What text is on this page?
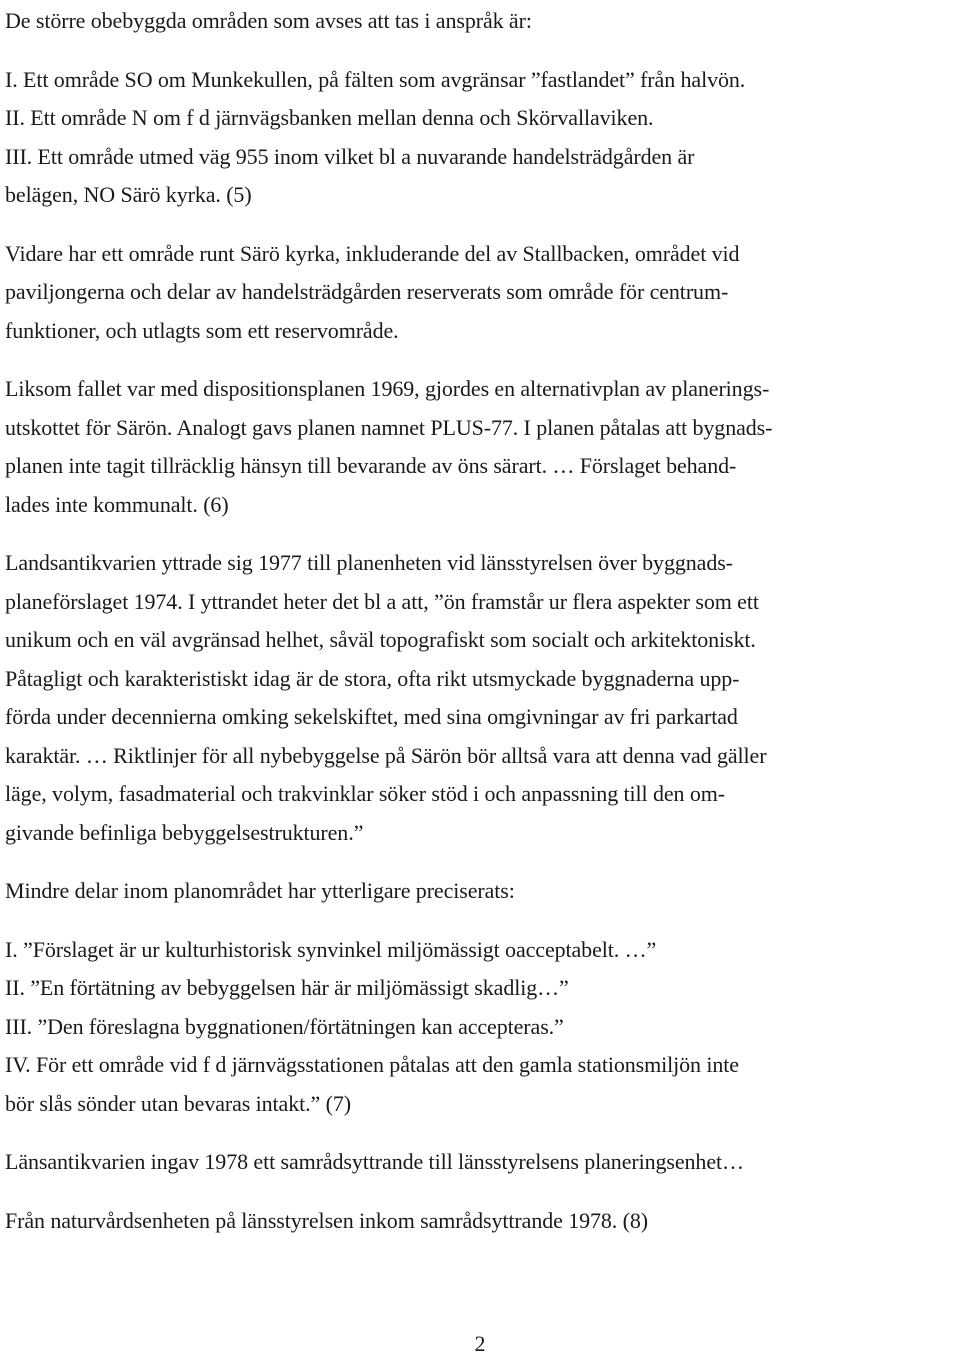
De större obebyggda områden som avses att tas i anspråk är:

I. Ett område SO om Munkekullen, på fälten som avgränsar ”fastlandet” från halvön.
II. Ett område N om f d järnvägsbanken mellan denna och Skörvallaviken.
III. Ett område utmed väg 955 inom vilket bl a nuvarande handelsträdgården är
belägen, NO Särö kyrka. (5)

Vidare har ett område runt Särö kyrka, inkluderande del av Stallbacken, området vid
paviljongerna och delar av handelsträdgården reserverats som område för centrum-
funktioner, och utlagts som ett reservområde.

Liksom fallet var med dispositionsplanen 1969, gjordes en alternativplan av planerings-
utskottet för Särön. Analogt gavs planen namnet PLUS-77. I planen påtalas att bygnads-
planen inte tagit tillräcklig hänsyn till bevarande av öns särart. … Förslaget behand-
lades inte kommunalt. (6)

Landsantikvarien yttrade sig 1977 till planenheten vid länsstyrelsen över byggnads-
planeförslaget 1974. I yttrandet heter det bl a att, ”ön framstår ur flera aspekter som ett
unikum och en väl avgränsad helhet, såväl topografiskt som socialt och arkitektoniskt.
Påtagligt och karakteristiskt idag är de stora, ofta rikt utsmyckade byggnaderna upp-
förda under decennierna omking sekelskiftet, med sina omgivningar av fri parkartad
karaktär. … Riktlinjer för all nybebyggelse på Särön bör alltså vara att denna vad gäller
läge, volym, fasadmaterial och trakvinklar söker stöd i och anpassning till den om-
givande befinliga bebyggelsestrukturen.”

Mindre delar inom planområdet har ytterligare preciserats:

I. ”Förslaget är ur kulturhistorisk synvinkel miljömässigt oacceptabelt. …”
II. ”En förtätning av bebyggelsen här är miljömässigt skadlig…”
III. ”Den föreslagna byggnationen/förtätningen kan accepteras.”
IV. För ett område vid f d järnvägsstationen påtalas att den gamla stationsmiljön inte
bör slås sönder utan bevaras intakt.” (7)

Länsantikvarien ingav 1978 ett samrådsyttrande till länsstyrelsens planeringsenhet…

Från naturvårdsenheten på länsstyrelsen inkom samrådsyttrande 1978. (8)

2
